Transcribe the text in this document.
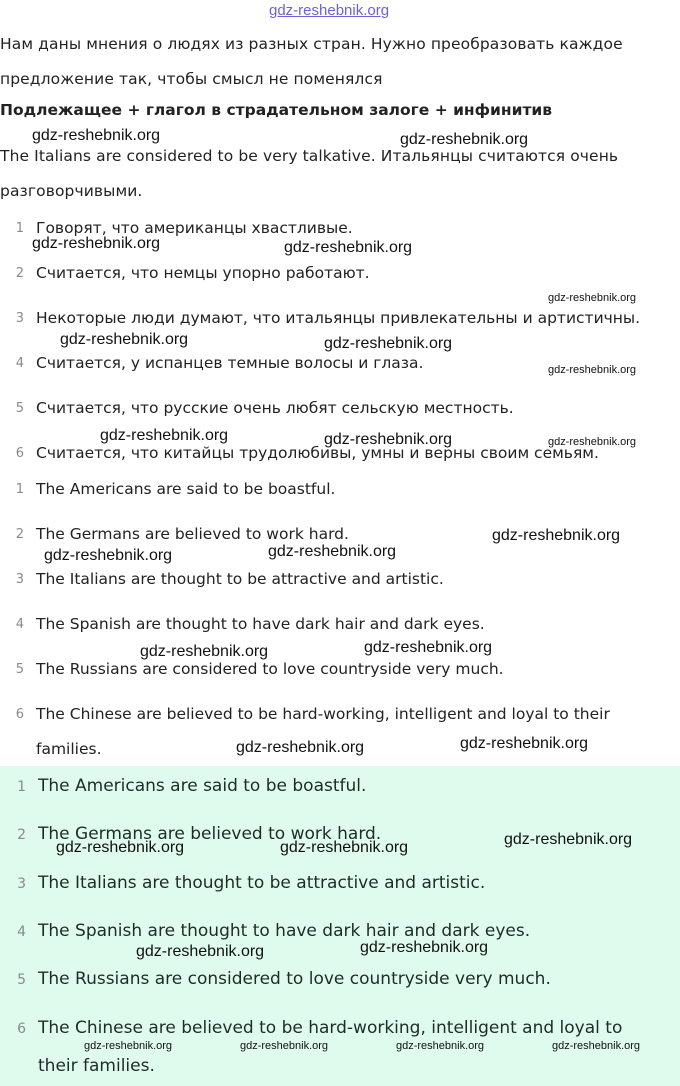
gdz-reshebnik.org
Нам даны мнения о людях из разных стран. Нужно преобразовать каждое
предложение так, чтобы смысл не поменялся
Подлежащее + глагол в страдательном залоге + инфинитив
The Italians are considered to be very talkative. Итальянцы считаются очень
разговорчивыми.
1 Говорят, что американцы хвастливые.
2 Считается, что немцы упорно работают.
3 Некоторые люди думают, что итальянцы привлекательны и артистичны.
4 Считается, у испанцев темные волосы и глаза.
5 Считается, что русские очень любят сельскую местность.
6 Считается, что китайцы трудолюбивы, умны и верны своим семьям.
1 The Americans are said to be boastful.
2 The Germans are believed to work hard.
3 The Italians are thought to be attractive and artistic.
4 The Spanish are thought to have dark hair and dark eyes.
5 The Russians are considered to love countryside very much.
6 The Chinese are believed to be hard-working, intelligent and loyal to their
families.
1 The Americans are said to be boastful.
2 The Germans are believed to work hard.
3 The Italians are thought to be attractive and artistic.
4 The Spanish are thought to have dark hair and dark eyes.
5 The Russians are considered to love countryside very much.
6 The Chinese are believed to be hard-working, intelligent and loyal to
their families.
gdz-reshebnik.org	gdz-reshebnik.org
gdz-reshebnik.org	gdz-reshebnik.org
gdz-reshebnik.org
gdz-reshebnik.org	gdz-reshebnik.org
gdz-reshebnik.org
gdz-reshebnik.org	gdz-reshebnik.org	gdz-reshebnik.org
gdz-reshebnik.org
gdz-reshebnik.org
gdz-reshebnik.org
gdz-reshebnik.org
gdz-reshebnik.org
gdz-reshebnik.org
gdz-reshebnik.org
gdz-reshebnik.org
gdz-reshebnik.org	gdz-reshebnik.org
gdz-reshebnik.org
gdz-reshebnik.org
gdz-reshebnik.org	gdz-reshebnik.org	gdz-reshebnik.org	gdz-reshebnik.org
